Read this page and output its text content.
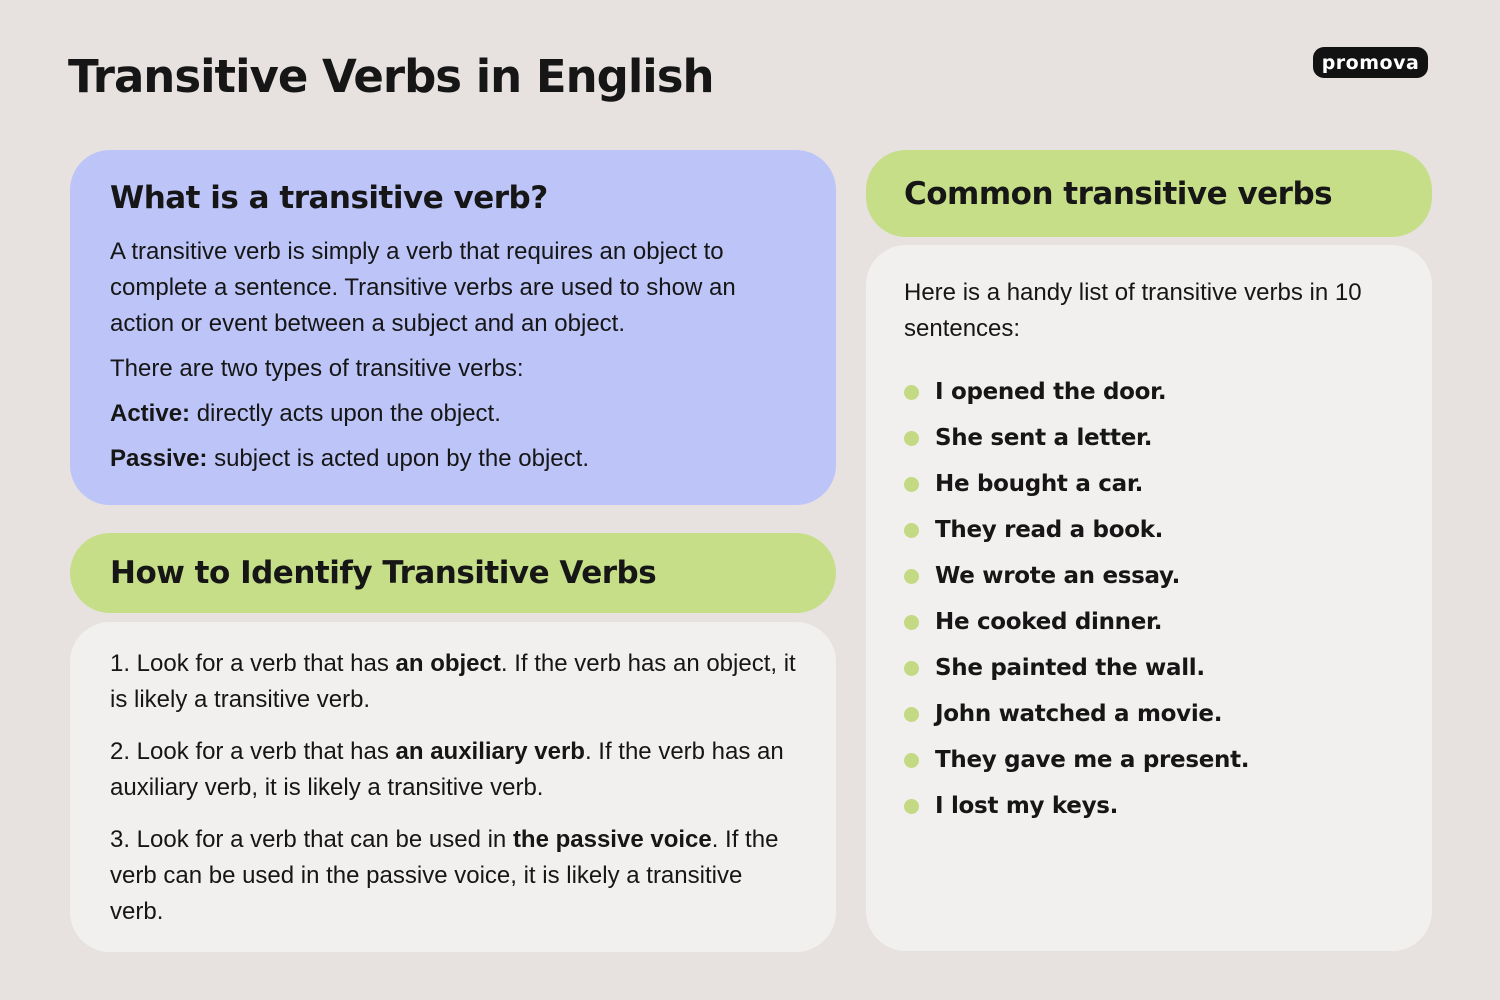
Transitive Verbs in English	promova
What is a transitive verb?

A transitive verb is simply a verb that requires an object to complete a sentence. Transitive verbs are used to show an action or event between a subject and an object.

There are two types of transitive verbs:

Active: directly acts upon the object.

Passive: subject is acted upon by the object.

How to Identify Transitive Verbs

1. Look for a verb that has an object. If the verb has an object, it is likely a transitive verb.

2. Look for a verb that has an auxiliary verb. If the verb has an auxiliary verb, it is likely a transitive verb.

3. Look for a verb that can be used in the passive voice. If the verb can be used in the passive voice, it is likely a transitive verb.

Common transitive verbs

Here is a handy list of transitive verbs in 10 sentences:

I opened the door.
She sent a letter.
He bought a car.
They read a book.
We wrote an essay.
He cooked dinner.
She painted the wall.
John watched a movie.
They gave me a present.
I lost my keys.
